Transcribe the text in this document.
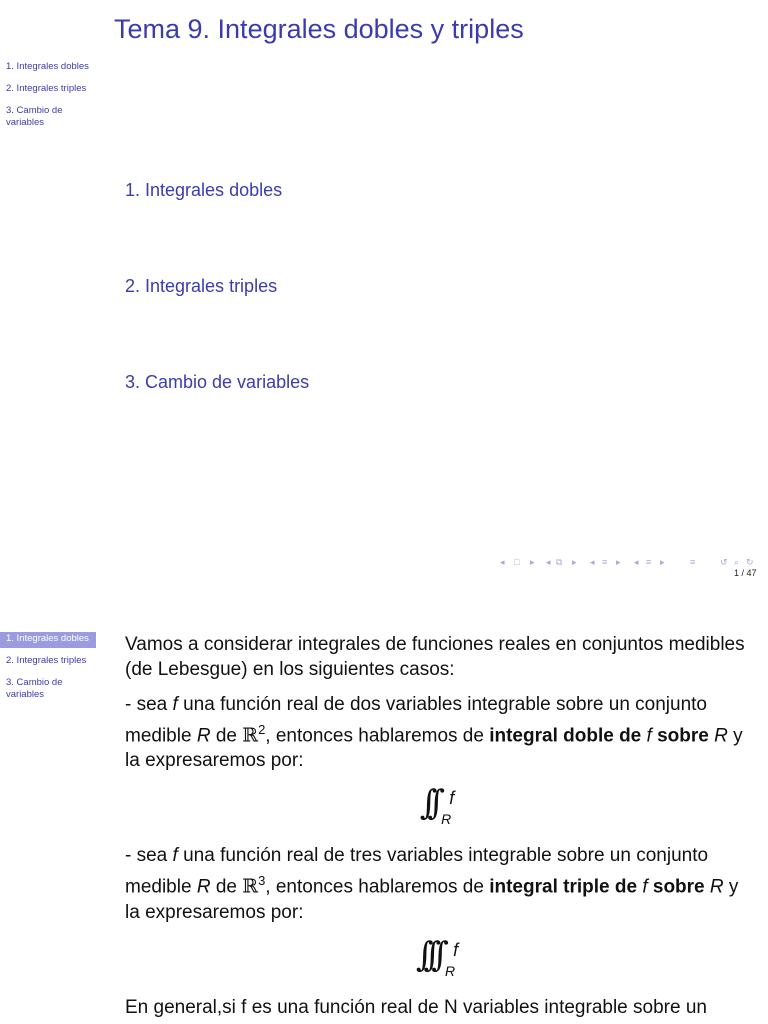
1. Integrales dobles
2. Integrales triples
3. Cambio de variables
Tema 9. Integrales dobles y triples
1. Integrales dobles
2. Integrales triples
3. Cambio de variables
◂ □ ▸ ◂ ⧉ ▸ ◂ ≡ ▸ ◂ ≡ ▸	≡	↺ ⌕ ↻
1 / 47
1. Integrales dobles
2. Integrales triples
3. Cambio de variables

Vamos a considerar integrales de funciones reales en conjuntos medibles (de Lebesgue) en los siguientes casos:

- sea f una función real de dos variables integrable sobre un conjunto medible R de ℝ$^2$, entonces hablaremos de integral doble de f sobre R y la expresaremos por:

∫∫ $_R^f$

- sea f una función real de tres variables integrable sobre un conjunto medible R de ℝ$^3$, entonces hablaremos de integral triple de f sobre R y la expresaremos por:

∫∫∫ $_R^f$

En general,si f es una función real de N variables integrable sobre un
